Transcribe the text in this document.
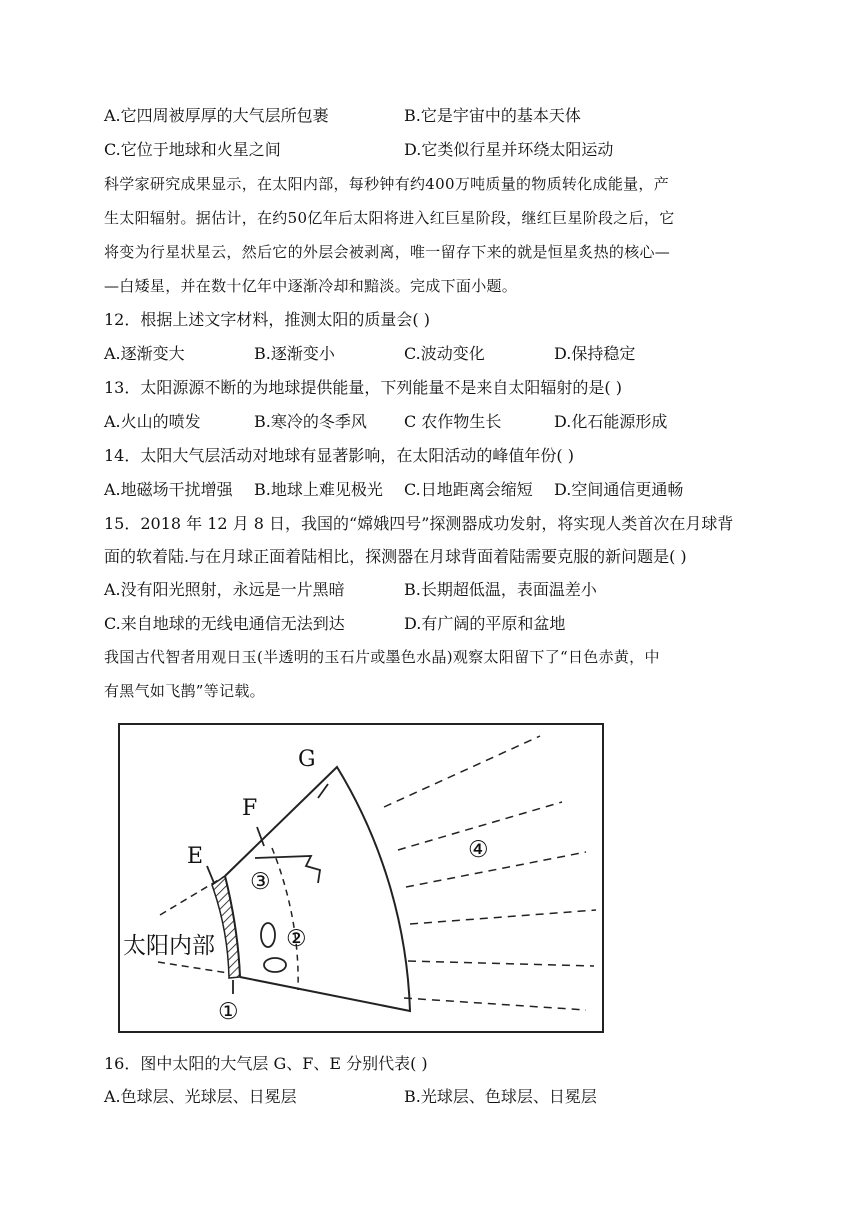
A.它四周被厚厚的大气层所包裹	B.它是宇宙中的基本天体
C.它位于地球和火星之间	D.它类似行星并环绕太阳运动
科学家研究成果显示，在太阳内部，每秒钟有约400万吨质量的物质转化成能量，产
生太阳辐射。据估计，在约50亿年后太阳将进入红巨星阶段，继红巨星阶段之后，它
将变为行星状星云，然后它的外层会被剥离，唯一留存下来的就是恒星炙热的核心—
—白矮星，并在数十亿年中逐渐冷却和黯淡。完成下面小题。
12．根据上述文字材料，推测太阳的质量会( )
A.逐渐变大	B.逐渐变小	C.波动变化	D.保持稳定
13．太阳源源不断的为地球提供能量，下列能量不是来自太阳辐射的是( )
A.火山的喷发	B.寒冷的冬季风 C 农作物生长	D.化石能源形成
14．太阳大气层活动对地球有显著影响，在太阳活动的峰值年份( )
A.地磁场干扰增强 B.地球上难见极光 C.日地距离会缩短 D.空间通信更通畅
15．2018 年 12 月 8 日，我国的“嫦娥四号”探测器成功发射，将实现人类首次在月球背
面的软着陆.与在月球正面着陆相比，探测器在月球背面着陆需要克服的新问题是( )
A.没有阳光照射，永远是一片黑暗	B.长期超低温，表面温差小
C.来自地球的无线电通信无法到达	D.有广阔的平原和盆地
我国古代智者用观日玉(半透明的玉石片或墨色水晶)观察太阳留下了“日色赤黄，中
有黑气如飞鹊”等记载。
G
F
E
太阳内部
①
②
③
④
16．图中太阳的大气层 G、F、E 分别代表( )
A.色球层、光球层、日冕层	B.光球层、色球层、日冕层
